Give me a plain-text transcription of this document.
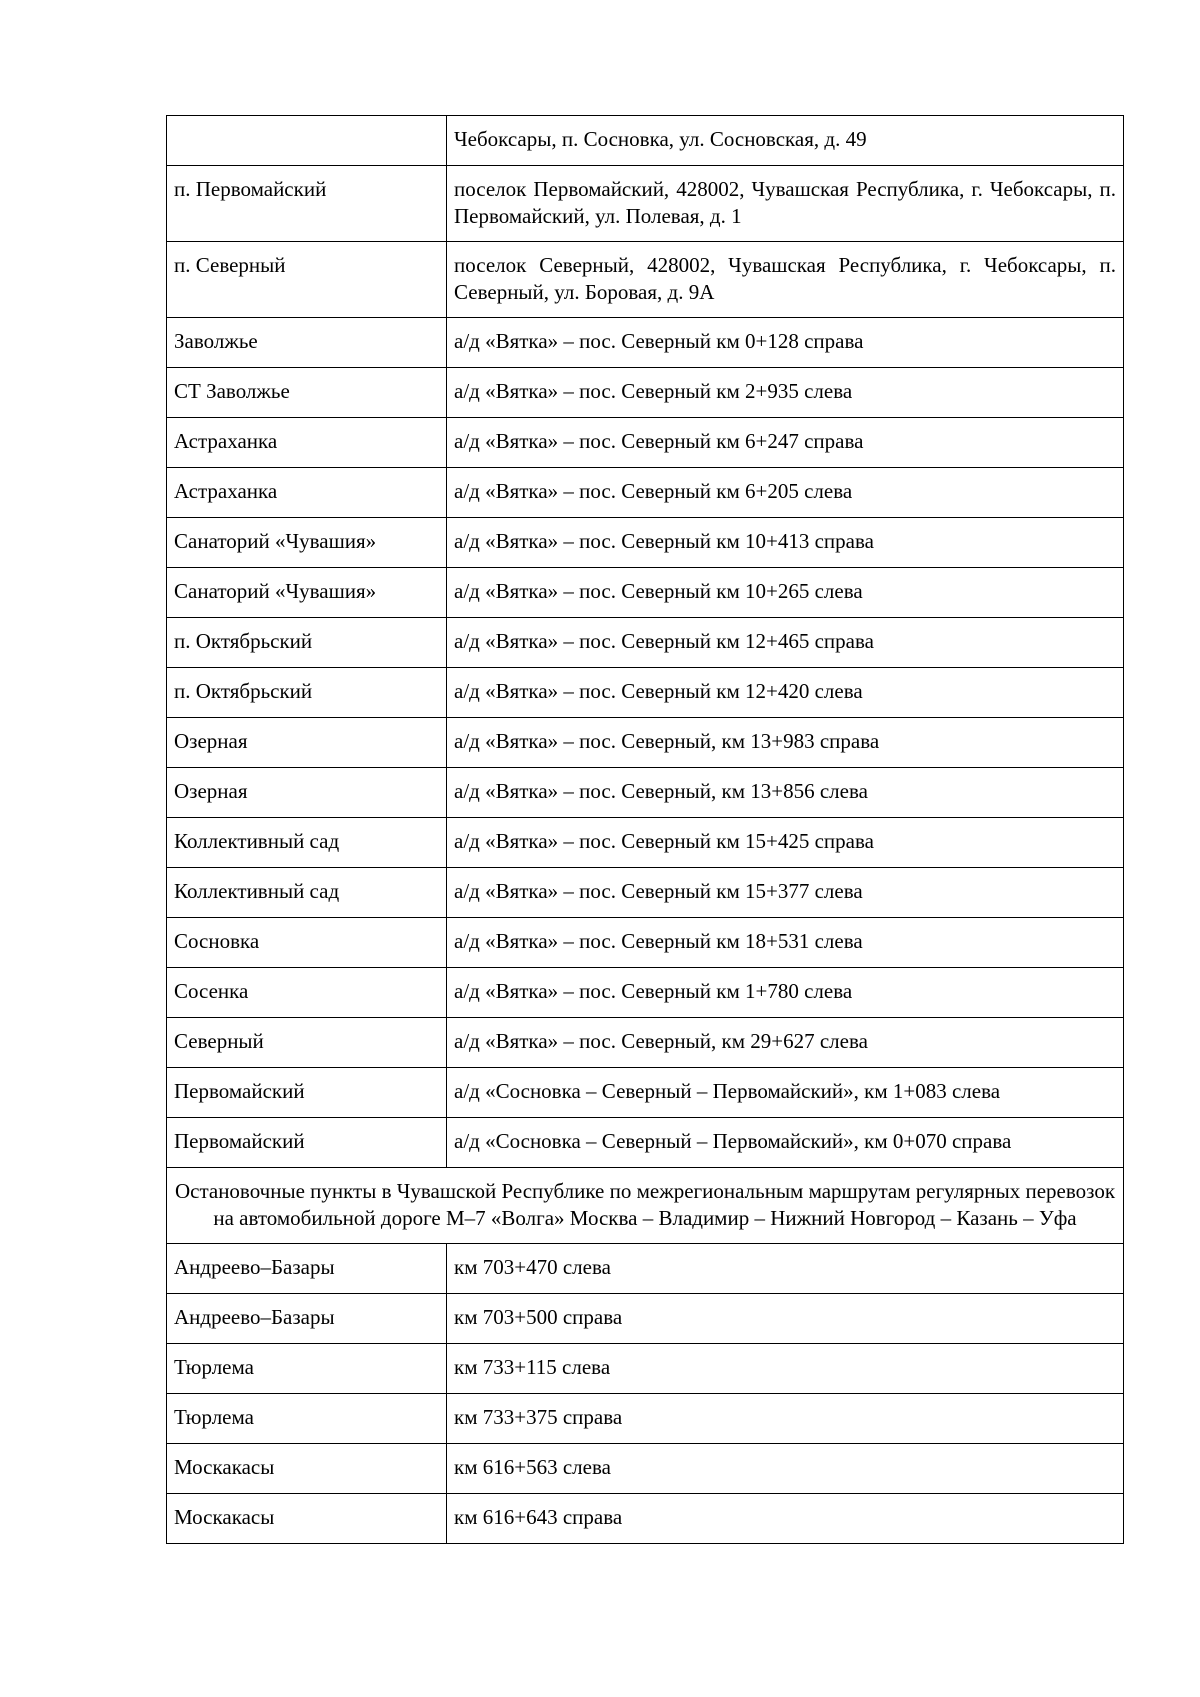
	Чебоксары, п. Сосновка, ул. Сосновская, д. 49
п. Первомайский	поселок Первомайский, 428002, Чувашская Республика, г. Чебоксары, п. Первомайский, ул. Полевая, д. 1
п. Северный	поселок Северный, 428002, Чувашская Республика, г. Чебоксары, п. Северный, ул. Боровая, д. 9А
Заволжье	а/д «Вятка» – пос. Северный км 0+128 справа
СТ Заволжье	а/д «Вятка» – пос. Северный км 2+935 слева
Астраханка	а/д «Вятка» – пос. Северный км 6+247 справа
Астраханка	а/д «Вятка» – пос. Северный км 6+205 слева
Санаторий «Чувашия»	а/д «Вятка» – пос. Северный км 10+413 справа
Санаторий «Чувашия»	а/д «Вятка» – пос. Северный км 10+265 слева
п. Октябрьский	а/д «Вятка» – пос. Северный км 12+465 справа
п. Октябрьский	а/д «Вятка» – пос. Северный км 12+420 слева
Озерная	а/д «Вятка» – пос. Северный, км 13+983 справа
Озерная	а/д «Вятка» – пос. Северный, км 13+856 слева
Коллективный сад	а/д «Вятка» – пос. Северный км 15+425 справа
Коллективный сад	а/д «Вятка» – пос. Северный км 15+377 слева
Сосновка	а/д «Вятка» – пос. Северный км 18+531 слева
Сосенка	а/д «Вятка» – пос. Северный км 1+780 слева
Северный	а/д «Вятка» – пос. Северный, км 29+627 слева
Первомайский	а/д «Сосновка – Северный – Первомайский», км 1+083 слева
Первомайский	а/д «Сосновка – Северный – Первомайский», км 0+070 справа
Остановочные пункты в Чувашской Республике по межрегиональным маршрутам регулярных перевозок на автомобильной дороге М–7 «Волга» Москва – Владимир – Нижний Новгород – Казань – Уфа	
Андреево–Базары	км 703+470 слева
Андреево–Базары	км 703+500 справа
Тюрлема	км 733+115 слева
Тюрлема	км 733+375 справа
Москакасы	км 616+563 слева
Москакасы	км 616+643 справа
